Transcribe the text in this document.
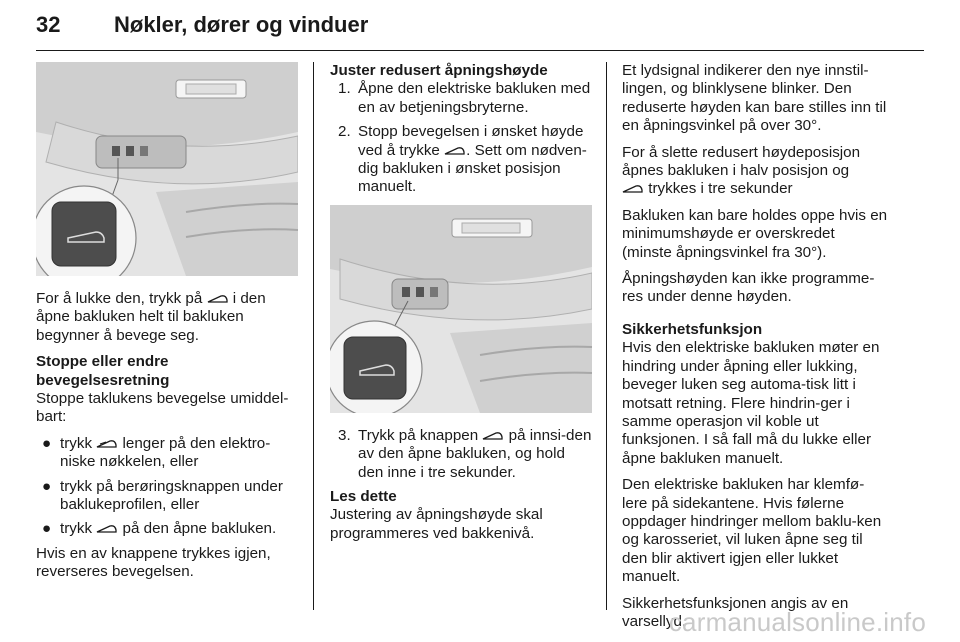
32 Nøkler, dører og vinduer

For å lukke den, trykk på i den åpne bakluken helt til bakluken begynner å bevege seg.

Stoppe eller endre bevegelsesretning
Stoppe taklukens bevegelse umiddel-bart:
● trykk lenger på den elektro-niske nøkkelen, eller
● trykk på berøringsknappen under baklukeprofilen, eller
● trykk på den åpne bakluken.

Hvis en av knappene trykkes igjen, reverseres bevegelsen.

Juster redusert åpningshøyde
1. Åpne den elektriske bakluken med en av betjeningsbryterne.
2. Stopp bevegelsen i ønsket høyde ved å trykke . Sett om nødven-dig bakluken i ønsket posisjon manuelt.
3. Trykk på knappen på innsi-den av den åpne bakluken, og hold den inne i tre sekunder.
Les dette
Justering av åpningshøyde skal programmeres ved bakkenivå.

Et lydsignal indikerer den nye innstil-lingen, og blinklysene blinker. Den reduserte høyden kan bare stilles inn til en åpningsvinkel på over 30°.

For å slette redusert høydeposisjon åpnes bakluken i halv posisjon og

trykkes i tre sekunder

Bakluken kan bare holdes oppe hvis en minimumshøyde er overskredet (minste åpningsvinkel fra 30°).

Åpningshøyden kan ikke programme-res under denne høyden.

Sikkerhetsfunksjon

Hvis den elektriske bakluken møter en hindring under åpning eller lukking, beveger luken seg automa-tisk litt i motsatt retning. Flere hindrin-ger i samme operasjon vil koble ut funksjonen. I så fall må du lukke eller åpne bakluken manuelt.

Den elektriske bakluken har klemfø-lere på sidekantene. Hvis følerne oppdager hindringer mellom baklu-ken og karosseriet, vil luken åpne seg til den blir aktivert igjen eller lukket manuelt.

Sikkerhetsfunksjonen angis av en varsellyd.

carmanualsonline.info
